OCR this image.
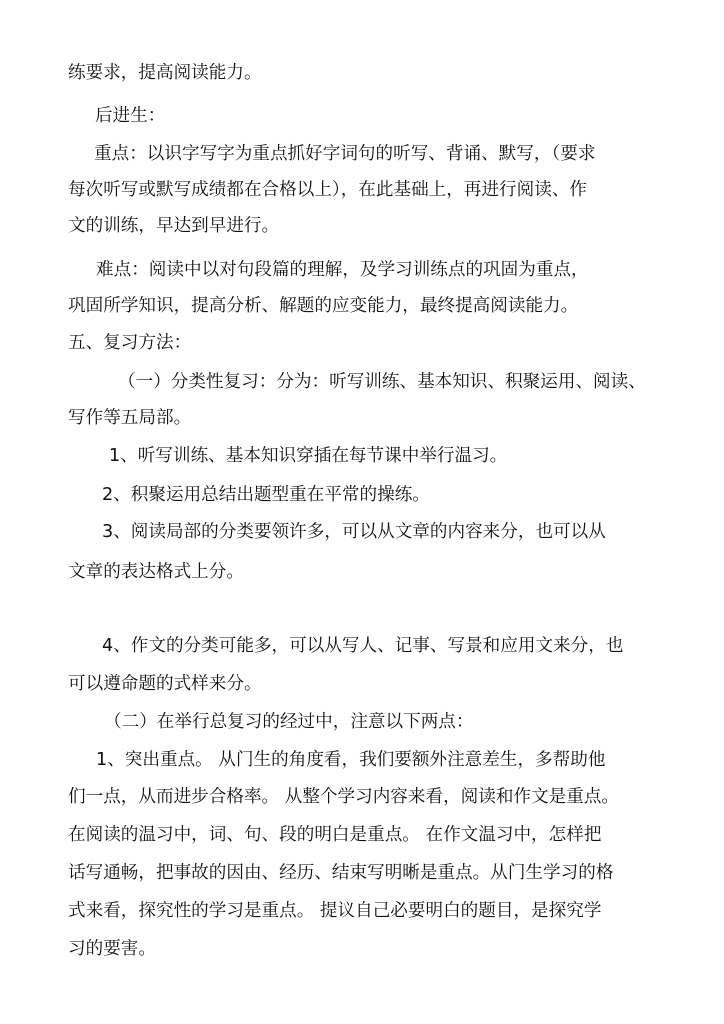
练要求，提高阅读能力。

后进生：

重点：以识字写字为重点抓好字词句的听写、背诵、默写，（要求

每次听写或默写成绩都在合格以上），在此基础上，再进行阅读、作

文的训练，早达到早进行。

难点：阅读中以对句段篇的理解，及学习训练点的巩固为重点，

巩固所学知识，提高分析、解题的应变能力，最终提高阅读能力。

五、复习方法：

（一）分类性复习：分为：听写训练、基本知识、积聚运用、阅读、

写作等五局部。

1、听写训练、基本知识穿插在每节课中举行温习。

2、积聚运用总结出题型重在平常的操练。

3、阅读局部的分类要领许多，可以从文章的内容来分，也可以从

文章的表达格式上分。

4、作文的分类可能多，可以从写人、记事、写景和应用文来分，也

可以遵命题的式样来分。

（二）在举行总复习的经过中，注意以下两点：

1、突出重点。 从门生的角度看，我们要额外注意差生，多帮助他

们一点，从而进步合格率。 从整个学习内容来看，阅读和作文是重点。

在阅读的温习中，词、句、段的明白是重点。 在作文温习中，怎样把

话写通畅，把事故的因由、经历、结束写明晰是重点。从门生学习的格

式来看，探究性的学习是重点。 提议自己必要明白的题目，是探究学

习的要害。
